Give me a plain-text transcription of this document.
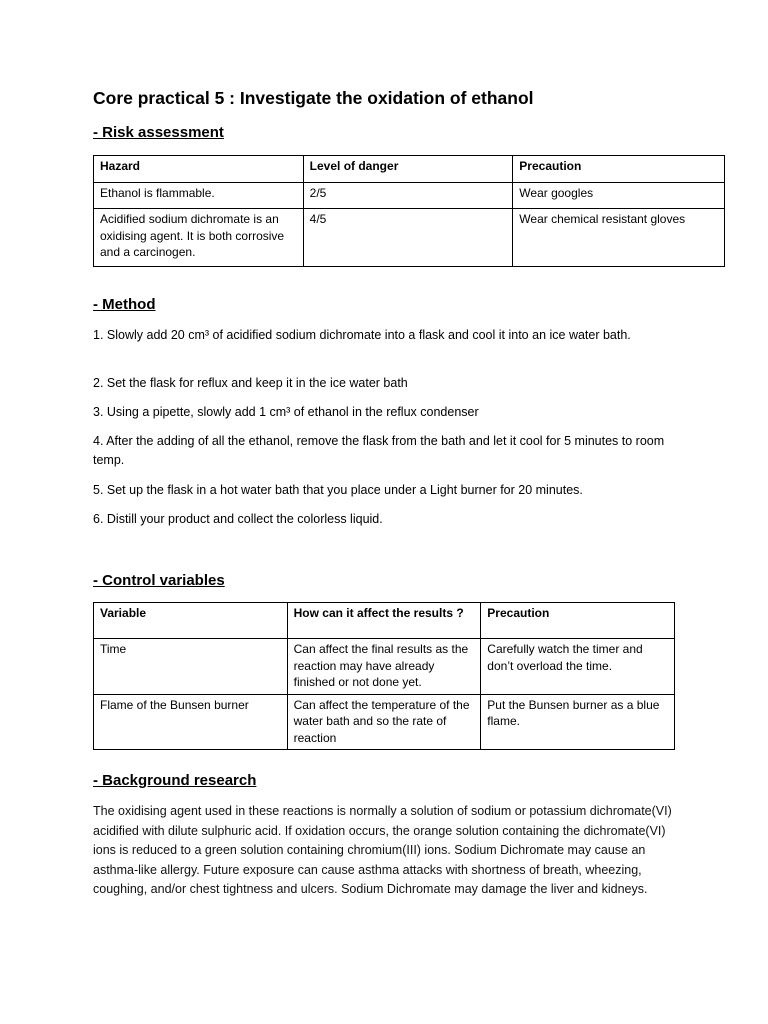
Core practical 5 : Investigate the oxidation of ethanol
- Risk assessment
Hazard	Level of danger	Precaution
Ethanol is flammable.	2/5	Wear googles
Acidified sodium dichromate is an oxidising agent. It is both corrosive and a carcinogen.	4/5	Wear chemical resistant gloves
- Method

1. Slowly add 20 cm³ of acidified sodium dichromate into a flask and cool it into an ice water bath.

2. Set the flask for reflux and keep it in the ice water bath

3. Using a pipette, slowly add 1 cm³ of ethanol in the reflux condenser

4. After the adding of all the ethanol, remove the flask from the bath and let it cool for 5 minutes to room temp.

5. Set up the flask in a hot water bath that you place under a Light burner for 20 minutes.

6. Distill your product and collect the colorless liquid.

- Control variables
Variable	How can it affect the results ?	Precaution
Time	Can affect the final results as the reaction may have already finished or not done yet.	Carefully watch the timer and don’t overload the time.
Flame of the Bunsen burner	Can affect the temperature of the water bath and so the rate of reaction	Put the Bunsen burner as a blue flame.
- Background research

The oxidising agent used in these reactions is normally a solution of sodium or potassium dichromate(VI) acidified with dilute sulphuric acid. If oxidation occurs, the orange solution containing the dichromate(VI) ions is reduced to a green solution containing chromium(III) ions. Sodium Dichromate may cause an asthma-like allergy. Future exposure can cause asthma attacks with shortness of breath, wheezing, coughing, and/or chest tightness and ulcers. Sodium Dichromate may damage the liver and kidneys.
